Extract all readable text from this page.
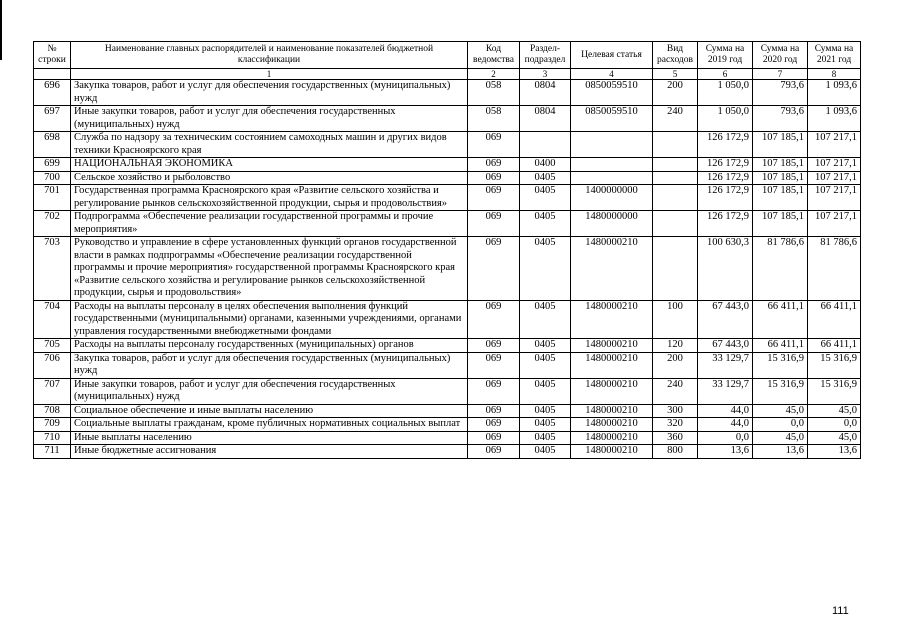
№ строки	Наименование главных распорядителей и наименование показателей бюджетной классификации	Код ведомства	Раздел-подраздел	Целевая статья	Вид расходов	Сумма на 2019 год	Сумма на 2020 год	Сумма на 2021 год
	1	2	3	4	5	6	7	8
696	Закупка товаров, работ и услуг для обеспечения государственных (муниципальных) нужд	058	0804	0850059510	200	1 050,0	793,6	1 093,6
697	Иные закупки товаров, работ и услуг для обеспечения государственных (муниципальных) нужд	058	0804	0850059510	240	1 050,0	793,6	1 093,6
698	Служба по надзору за техническим состоянием самоходных машин и других видов техники Красноярского края	069				126 172,9	107 185,1	107 217,1
699	НАЦИОНАЛЬНАЯ ЭКОНОМИКА	069	0400			126 172,9	107 185,1	107 217,1
700	Сельское хозяйство и рыболовство	069	0405			126 172,9	107 185,1	107 217,1
701	Государственная программа Красноярского края «Развитие сельского хозяйства и регулирование рынков сельскохозяйственной продукции, сырья и продовольствия»	069	0405	1400000000		126 172,9	107 185,1	107 217,1
702	Подпрограмма «Обеспечение реализации государственной программы и прочие мероприятия»	069	0405	1480000000		126 172,9	107 185,1	107 217,1
703	Руководство и управление в сфере установленных функций органов государственной власти в рамках подпрограммы «Обеспечение реализации государственной программы и прочие мероприятия» государственной программы Красноярского края «Развитие сельского хозяйства и регулирование рынков сельскохозяйственной продукции, сырья и продовольствия»	069	0405	1480000210		100 630,3	81 786,6	81 786,6
704	Расходы на выплаты персоналу в целях обеспечения выполнения функций государственными (муниципальными) органами, казенными учреждениями, органами управления государственными внебюджетными фондами	069	0405	1480000210	100	67 443,0	66 411,1	66 411,1
705	Расходы на выплаты персоналу государственных (муниципальных) органов	069	0405	1480000210	120	67 443,0	66 411,1	66 411,1
706	Закупка товаров, работ и услуг для обеспечения государственных (муниципальных) нужд	069	0405	1480000210	200	33 129,7	15 316,9	15 316,9
707	Иные закупки товаров, работ и услуг для обеспечения государственных (муниципальных) нужд	069	0405	1480000210	240	33 129,7	15 316,9	15 316,9
708	Социальное обеспечение и иные выплаты населению	069	0405	1480000210	300	44,0	45,0	45,0
709	Социальные выплаты гражданам, кроме публичных нормативных социальных выплат	069	0405	1480000210	320	44,0	0,0	0,0
710	Иные выплаты населению	069	0405	1480000210	360	0,0	45,0	45,0
711	Иные бюджетные ассигнования	069	0405	1480000210	800	13,6	13,6	13,6
111
